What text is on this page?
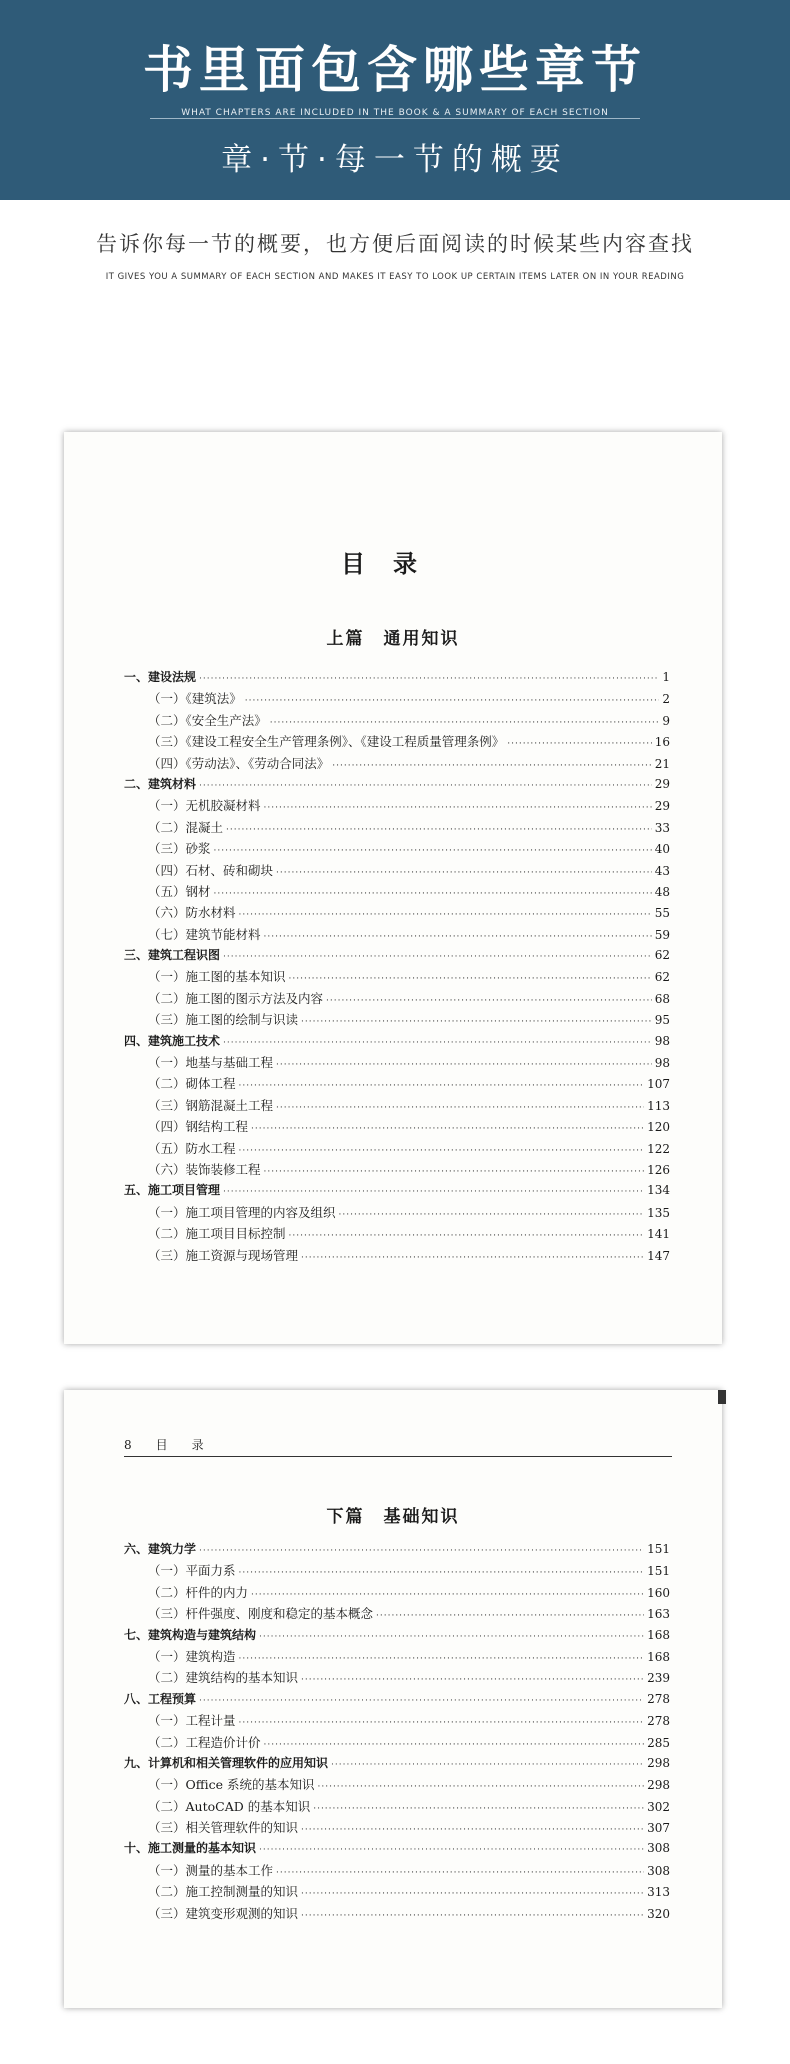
书里面包含哪些章节
WHAT CHAPTERS ARE INCLUDED IN THE BOOK & A SUMMARY OF EACH SECTION
章·节·每一节的概要
告诉你每一节的概要，也方便后面阅读的时候某些内容查找
IT GIVES YOU A SUMMARY OF EACH SECTION AND MAKES IT EASY TO LOOK UP CERTAIN ITEMS LATER ON IN YOUR READING
目录
上篇　通用知识
一、建设法规 ·····	1
（一）《建筑法》 ·····	2
（二）《安全生产法》 ·····	9
（三）《建设工程安全生产管理条例》、《建设工程质量管理条例》 ·····	16
（四）《劳动法》、《劳动合同法》 ·····	21
二、建筑材料 ·····	29
（一）无机胶凝材料 ·····	29
（二）混凝土 ·····	33
（三）砂浆 ·····	40
（四）石材、砖和砌块 ·····	43
（五）钢材 ·····	48
（六）防水材料 ·····	55
（七）建筑节能材料 ·····	59
三、建筑工程识图 ·····	62
（一）施工图的基本知识 ·····	62
（二）施工图的图示方法及内容 ·····	68
（三）施工图的绘制与识读 ·····	95
四、建筑施工技术 ·····	98
（一）地基与基础工程 ·····	98
（二）砌体工程 ·····	107
（三）钢筋混凝土工程 ·····	113
（四）钢结构工程 ·····	120
（五）防水工程 ·····	122
（六）装饰装修工程 ·····	126
五、施工项目管理 ·····	134
（一）施工项目管理的内容及组织 ·····	135
（二）施工项目目标控制 ·····	141
（三）施工资源与现场管理 ·····	147
8　目　录
下篇　基础知识
六、建筑力学 ·····	151
（一）平面力系 ·····	151
（二）杆件的内力 ·····	160
（三）杆件强度、刚度和稳定的基本概念 ·····	163
七、建筑构造与建筑结构 ·····	168
（一）建筑构造 ·····	168
（二）建筑结构的基本知识 ·····	239
八、工程预算 ·····	278
（一）工程计量 ·····	278
（二）工程造价计价 ·····	285
九、计算机和相关管理软件的应用知识 ·····	298
（一）Office 系统的基本知识 ·····	298
（二）AutoCAD 的基本知识 ·····	302
（三）相关管理软件的知识 ·····	307
十、施工测量的基本知识 ·····	308
（一）测量的基本工作 ·····	308
（二）施工控制测量的知识 ·····	313
（三）建筑变形观测的知识 ·····	320
